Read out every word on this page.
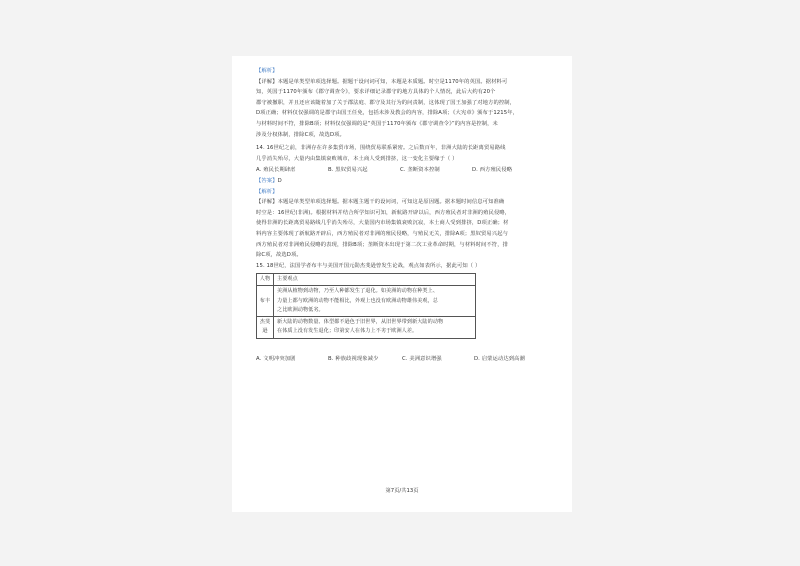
【解析】
【详解】本题是单类型单项选择题。据题干设问词可知，本题是本质题。时空是1170年的英国。据材料可
知，英国于1170年颁布《郡守调查令》，要求详细记录郡守的地方具体的个人情况，此后大约有20个
郡守被撤职，并且还应该随着加了关于郡法庭、郡守及其行为的问责制，这体现了国王加强了对地方的控制，
D项正确；材料仅仅强调的是郡守由国王任免，包括未涉及教会的内容，排除A项；《大宪章》颁布于1215年，
与材料时间不符，排除B项；材料仅仅强调的是“英国于1170年颁布《郡守调查令》”的内容是控制，未
涉及分权体制，排除C项，故选D项。
14. 16世纪之前，非洲存在许多集贸市场，围绕贸易联系紧密。之后数百年，非洲大陆的长距离贸易路线
几乎消失殆尽，大量内由集镇衰败城市，本土商人受到排挤，这一变化主要缘于（ ）
A. 殖民长期肆虐	B. 黑奴贸易兴起	C. 垄断资本控制	D. 西方殖民侵略
【答案】D
【解析】
【详解】本题是单类型单项选择题。据本题主题干的设问词，可知这是原因题。据本题时间信息可知准确
时空是：16世纪(非洲)。根据材料并结合所学知识可知，新航路开辟以后，西方殖民者对非洲的殖民侵略，
使得非洲的长距离贸易路线几乎消失殆尽，大量国内市场集镇衰败沉寂，本土商人受到排挤，D项正确；材
料内容主要体现了新航路开辟后，西方殖民者对非洲的殖民侵略，与殖民无关，排除A项；黑奴贸易兴起与
西方殖民者对非洲殖民侵略的表现，排除B项；垄断资本出现于第二次工业革命时期，与材料时间不符，排
除C项，故选D项。
15. 18世纪，法国学者布丰与美国开国元勋杰斐逊曾发生论战，观点如表所示，据此可知（ ）
人物	主要观点
布丰	美洲从植物到动物，乃至人种都发生了退化。如美洲的动物在种类上、
力量上都与欧洲的动物不能相比，外观上也没有欧洲动物雄伟美观，总
之比欧洲动物低劣。

杰斐逊	新大陆的动物数量、体型都不逊色于旧世界，从旧世界带到新大陆的动物
在体质上没有发生退化；印第安人在体力上不劣于欧洲人差。
A. 文明冲突加剧	B. 种族歧视现象减少	C. 美洲意识增强	D. 启蒙运动达到高潮
第7页/共13页
